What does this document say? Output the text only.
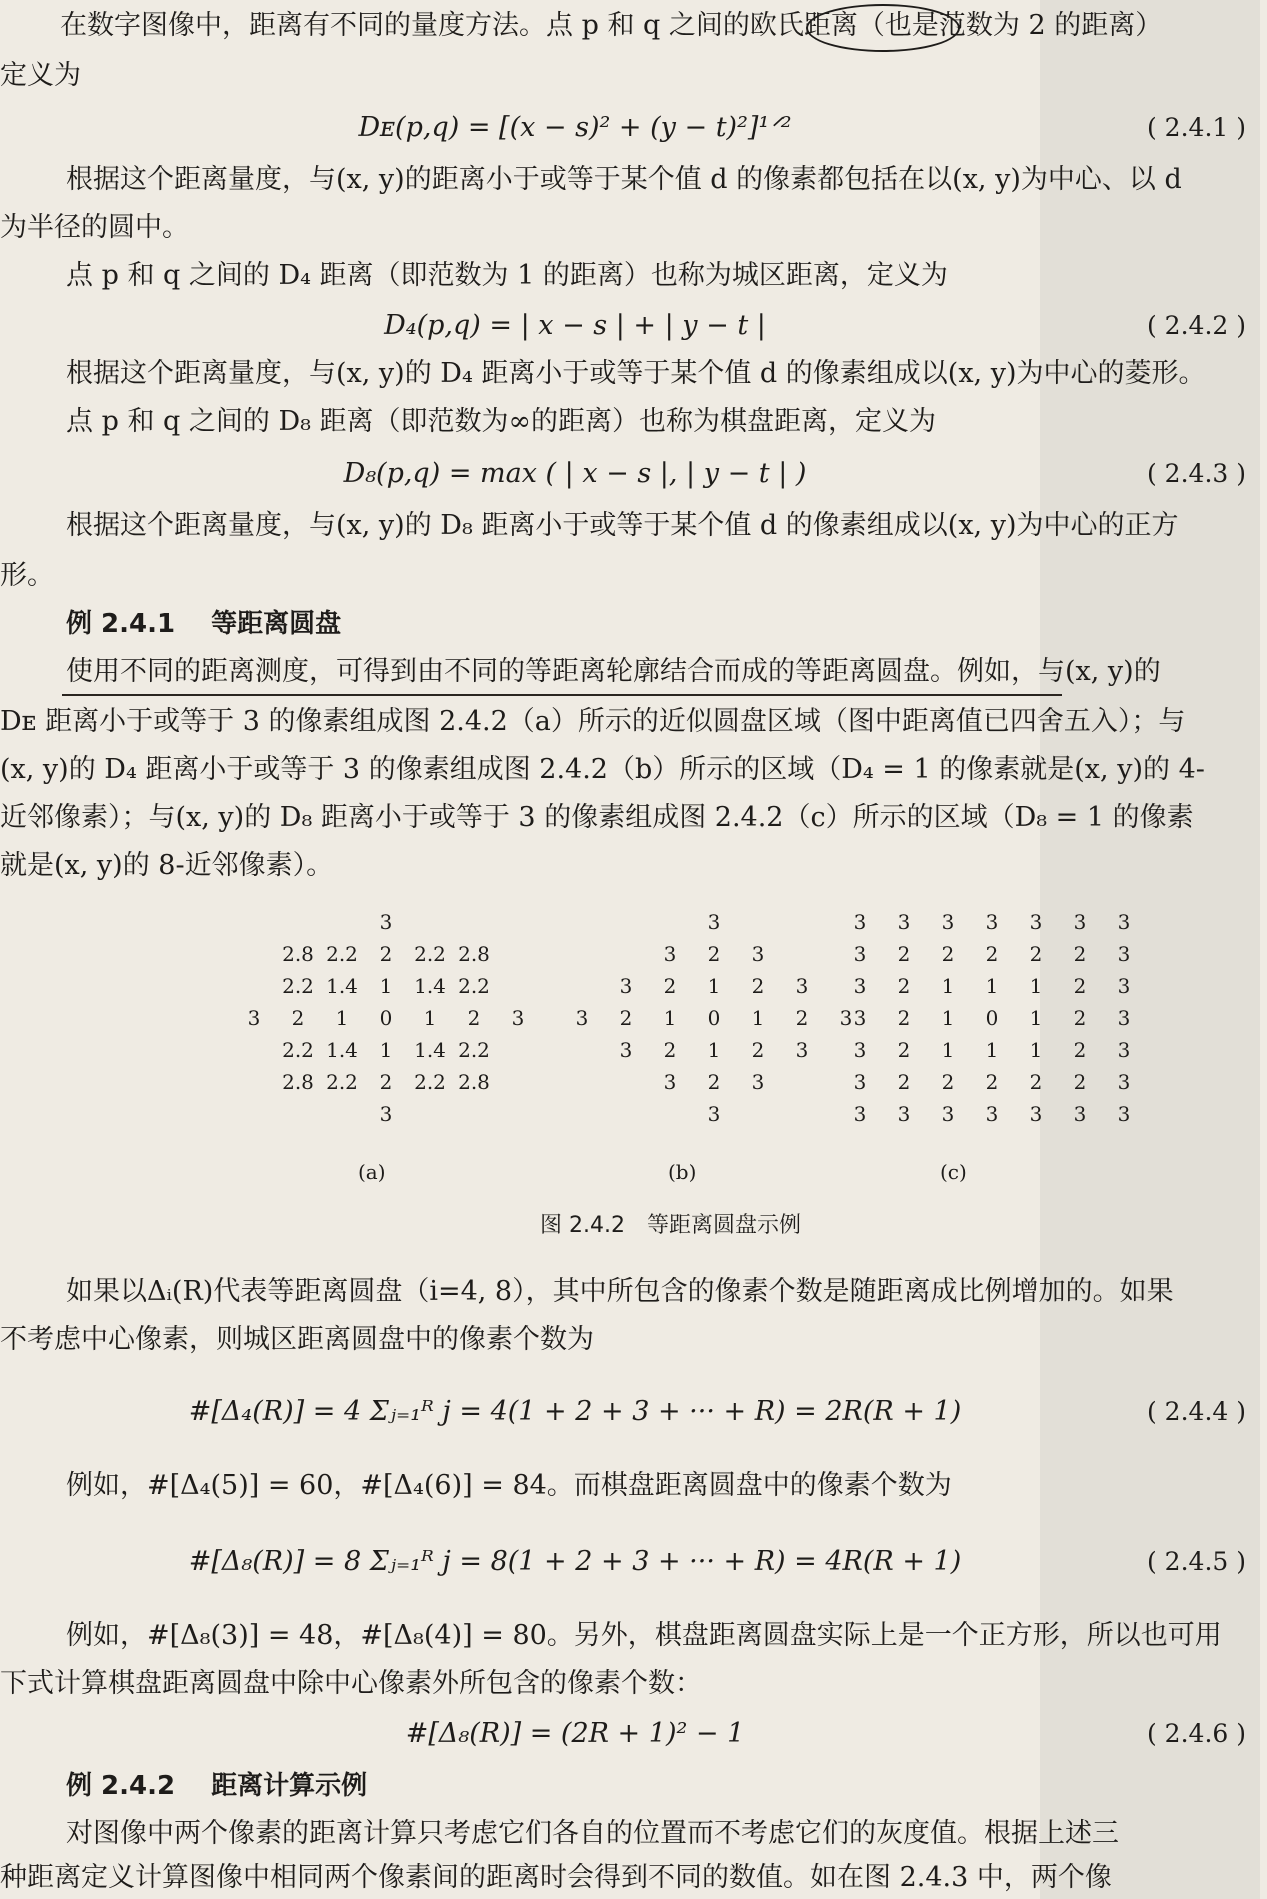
在数字图像中，距离有不同的量度方法。点 p 和 q 之间的欧氏距离（也是范数为 2 的距离）
定义为
Dᴇ(p,q) = [(x − s)² + (y − t)²]¹ᐟ²	( 2.4.1 )
根据这个距离量度，与(x, y)的距离小于或等于某个值 d 的像素都包括在以(x, y)为中心、以 d
为半径的圆中。
点 p 和 q 之间的 D₄ 距离（即范数为 1 的距离）也称为城区距离，定义为
D₄(p,q) = | x − s | + | y − t |	( 2.4.2 )
根据这个距离量度，与(x, y)的 D₄ 距离小于或等于某个值 d 的像素组成以(x, y)为中心的菱形。
点 p 和 q 之间的 D₈ 距离（即范数为∞的距离）也称为棋盘距离，定义为
D₈(p,q) = max ( | x − s |, | y − t | )	( 2.4.3 )
根据这个距离量度，与(x, y)的 D₈ 距离小于或等于某个值 d 的像素组成以(x, y)为中心的正方
形。
例 2.4.1 等距离圆盘
使用不同的距离测度，可得到由不同的等距离轮廓结合而成的等距离圆盘。例如，与(x, y)的
Dᴇ 距离小于或等于 3 的像素组成图 2.4.2（a）所示的近似圆盘区域（图中距离值已四舍五入）；与
(x, y)的 D₄ 距离小于或等于 3 的像素组成图 2.4.2（b）所示的区域（D₄ = 1 的像素就是(x, y)的 4-
近邻像素）；与(x, y)的 D₈ 距离小于或等于 3 的像素组成图 2.4.2（c）所示的区域（D₈ = 1 的像素
就是(x, y)的 8-近邻像素）。
3
2.8 2.2	2	2.2 2.8
2.2 1.4	1	1.4 2.2
3	2	1	0	1	2	3
2.2 1.4	1	1.4 2.2
2.8 2.2	2	2.2 2.8
3
3
3	2	3
3	2	1	2	3
3	2	1	0	1	2	3
3	2	1	2	3
3	2	3
3
3	3	3	3	3	3	3
3	2	2	2	2	2	3
3	2	1	1	1	2	3
3	2	1	0	1	2	3
3	2	1	1	1	2	3
3	2	2	2	2	2	3
3	3	3	3	3	3	3
(a)	(b)	(c)
图 2.4.2　等距离圆盘示例
如果以Δᵢ(R)代表等距离圆盘（i=4, 8），其中所包含的像素个数是随距离成比例增加的。如果
不考虑中心像素，则城区距离圆盘中的像素个数为
#[Δ₄(R)] = 4 Σⱼ₌₁ᴿ j = 4(1 + 2 + 3 + ··· + R) = 2R(R + 1)	( 2.4.4 )
例如，#[Δ₄(5)] = 60，#[Δ₄(6)] = 84。而棋盘距离圆盘中的像素个数为
#[Δ₈(R)] = 8 Σⱼ₌₁ᴿ j = 8(1 + 2 + 3 + ··· + R) = 4R(R + 1)	( 2.4.5 )
例如，#[Δ₈(3)] = 48，#[Δ₈(4)] = 80。另外，棋盘距离圆盘实际上是一个正方形，所以也可用
下式计算棋盘距离圆盘中除中心像素外所包含的像素个数：
#[Δ₈(R)] = (2R + 1)² − 1	( 2.4.6 )
例 2.4.2 距离计算示例
对图像中两个像素的距离计算只考虑它们各自的位置而不考虑它们的灰度值。根据上述三
种距离定义计算图像中相同两个像素间的距离时会得到不同的数值。如在图 2.4.3 中，两个像
